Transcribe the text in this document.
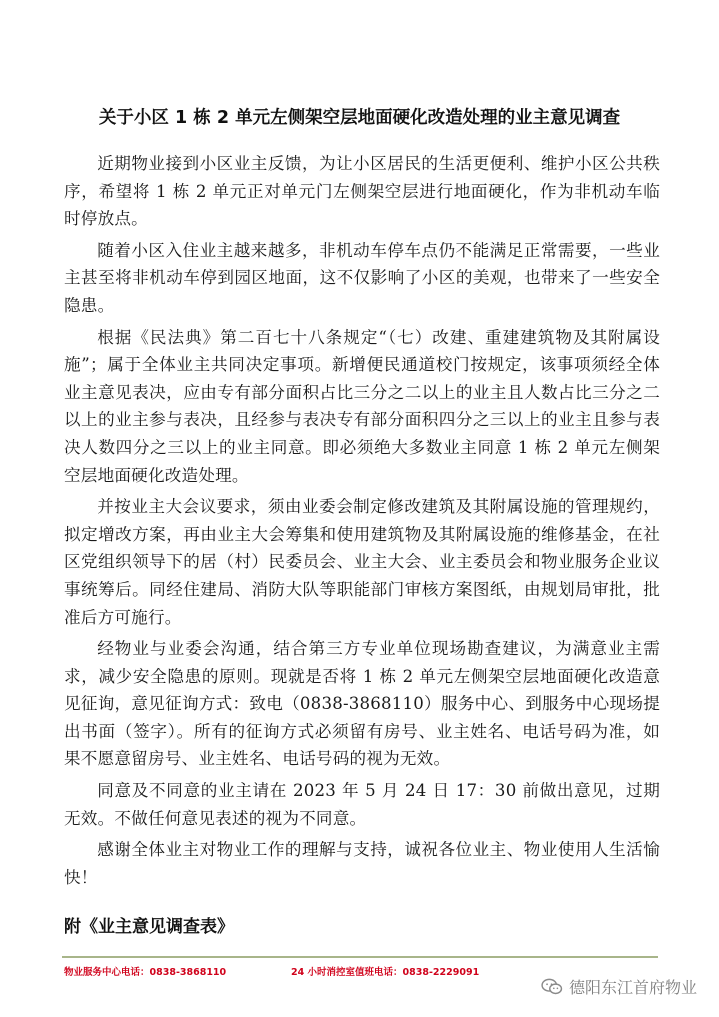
关于小区 1 栋 2 单元左侧架空层地面硬化改造处理的业主意见调查

近期物业接到小区业主反馈，为让小区居民的生活更便利、维护小区公共秩序，希望将 1 栋 2 单元正对单元门左侧架空层进行地面硬化，作为非机动车临时停放点。

随着小区入住业主越来越多，非机动车停车点仍不能满足正常需要，一些业主甚至将非机动车停到园区地面，这不仅影响了小区的美观，也带来了一些安全隐患。

根据《民法典》第二百七十八条规定“（七）改建、重建建筑物及其附属设施”；属于全体业主共同决定事项。新增便民通道校门按规定，该事项须经全体业主意见表决，应由专有部分面积占比三分之二以上的业主且人数占比三分之二以上的业主参与表决，且经参与表决专有部分面积四分之三以上的业主且参与表决人数四分之三以上的业主同意。即必须绝大多数业主同意 1 栋 2 单元左侧架空层地面硬化改造处理。

并按业主大会议要求，须由业委会制定修改建筑及其附属设施的管理规约，拟定增改方案，再由业主大会筹集和使用建筑物及其附属设施的维修基金，在社区党组织领导下的居（村）民委员会、业主大会、业主委员会和物业服务企业议事统筹后。同经住建局、消防大队等职能部门审核方案图纸，由规划局审批，批准后方可施行。

经物业与业委会沟通，结合第三方专业单位现场勘查建议，为满意业主需求，减少安全隐患的原则。现就是否将 1 栋 2 单元左侧架空层地面硬化改造意见征询，意见征询方式：致电（0838-3868110）服务中心、到服务中心现场提出书面（签字）。所有的征询方式必须留有房号、业主姓名、电话号码为准，如果不愿意留房号、业主姓名、电话号码的视为无效。

同意及不同意的业主请在 2023 年 5 月 24 日 17：30 前做出意见，过期无效。不做任何意见表述的视为不同意。

感谢全体业主对物业工作的理解与支持，诚祝各位业主、物业使用人生活愉快！

附《业主意见调查表》
物业服务中心电话：0838-3868110	24 小时消控室值班电话：0838-2229091
德阳东江首府物业
